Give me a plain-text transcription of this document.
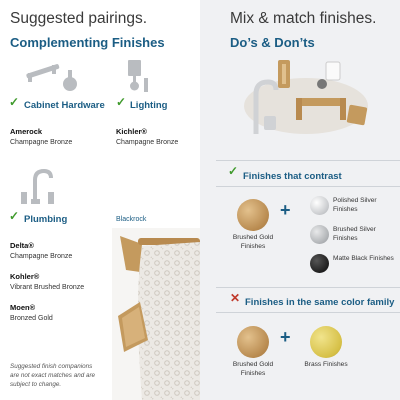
Suggested pairings.
Complementing Finishes
✓ Cabinet Hardware ✓ Lighting
Amerock
Champagne Bronze
Kichler®
Champagne Bronze
✓ Plumbing	Blackrock
Delta®
Champagne Bronze
Kohler®
Vibrant Brushed Bronze
Moen®
Bronzed Gold
Suggested finish companions are not exact matches and are subject to change.
Mix & match finishes.
Do’s & Don’ts
✓ Finishes that contrast
Brushed Gold Finishes
+	Polished Silver Finishes
Brushed Silver Finishes
Matte Black Finishes
✕ Finishes in the same color family
Brushed Gold Finishes
+
Brass Finishes
